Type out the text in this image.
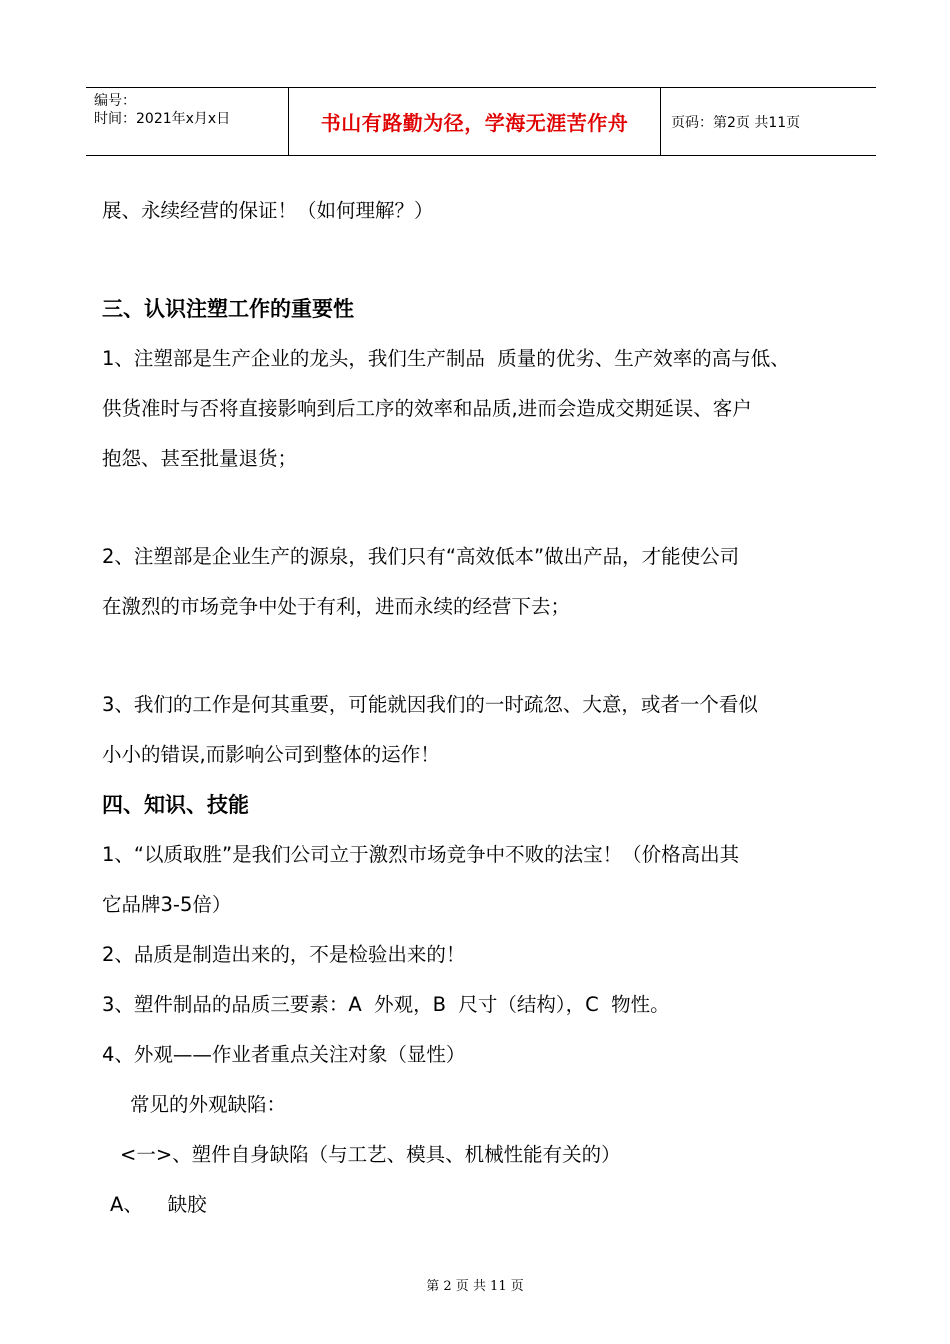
编号：
时间：2021年x月x日	书山有路勤为径，学海无涯苦作舟	页码：第2页 共11页
展、永续经营的保证！（如何理解？）
三、认识注塑工作的重要性
1、注塑部是生产企业的龙头，我们生产制品  质量的优劣、生产效率的高与低、
供货准时与否将直接影响到后工序的效率和品质,进而会造成交期延误、客户
抱怨、甚至批量退货；
2、注塑部是企业生产的源泉，我们只有“高效低本”做出产品，才能使公司
在激烈的市场竞争中处于有利，进而永续的经营下去；
3、我们的工作是何其重要，可能就因我们的一时疏忽、大意，或者一个看似
小小的错误,而影响公司到整体的运作！
四、知识、技能
1、“以质取胜”是我们公司立于激烈市场竞争中不败的法宝！（价格高出其
它品牌3-5倍）
2、品质是制造出来的，不是检验出来的！
3、塑件制品的品质三要素：A  外观，B  尺寸（结构），C  物性。
4、外观——作业者重点关注对象（显性）
常见的外观缺陷：
<一>、塑件自身缺陷（与工艺、模具、机械性能有关的）
A、    缺胶
第 2 页 共 11 页
